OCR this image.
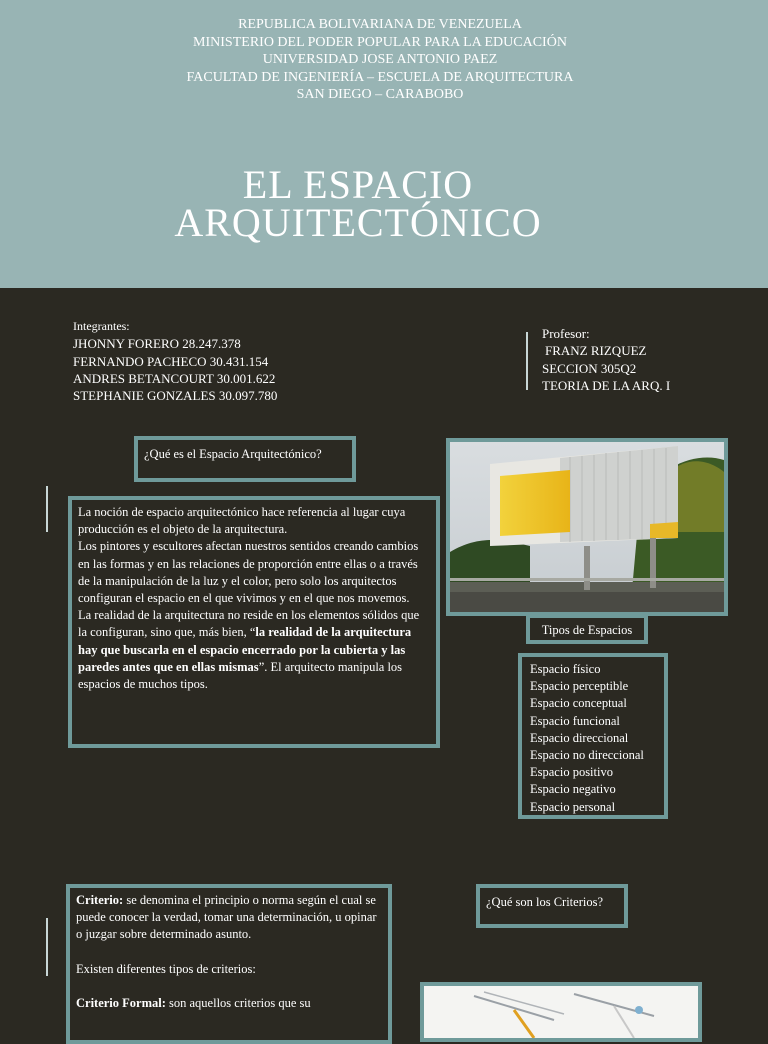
REPUBLICA BOLIVARIANA DE VENEZUELA
MINISTERIO DEL PODER POPULAR PARA LA EDUCACIÓN
UNIVERSIDAD JOSE ANTONIO PAEZ
FACULTAD DE INGENIERÍA – ESCUELA DE ARQUITECTURA
SAN DIEGO – CARABOBO
EL ESPACIO
ARQUITECTÓNICO
Integrantes:
JHONNY FORERO 28.247.378
FERNANDO PACHECO 30.431.154
ANDRES BETANCOURT 30.001.622
STEPHANIE GONZALES 30.097.780
Profesor:
FRANZ RIZQUEZ
SECCION 305Q2
TEORIA DE LA ARQ. I
¿Qué es el Espacio Arquitectónico?

La noción de espacio arquitectónico hace referencia al lugar cuya producción es el objeto de la arquitectura.

Los pintores y escultores afectan nuestros sentidos creando cambios en las formas y en las relaciones de proporción entre ellas o a través de la manipulación de la luz y el color, pero solo los arquitectos configuran el espacio en el que vivimos y en el que nos movemos.

La realidad de la arquitectura no reside en los elementos sólidos que la configuran, sino que, más bien, “la realidad de la arquitectura hay que buscarla en el espacio encerrado por la cubierta y las paredes antes que en ellas mismas”. El arquitecto manipula los espacios de muchos tipos.

Tipos de Espacios
Espacio físico
Espacio perceptible
Espacio conceptual
Espacio funcional
Espacio direccional
Espacio no direccional
Espacio positivo
Espacio negativo
Espacio personal

Criterio: se denomina el principio o norma según el cual se puede conocer la verdad, tomar una determinación, u opinar o juzgar sobre determinado asunto.

Existen diferentes tipos de criterios:

Criterio Formal: son aquellos criterios que su

¿Qué son los Criterios?
